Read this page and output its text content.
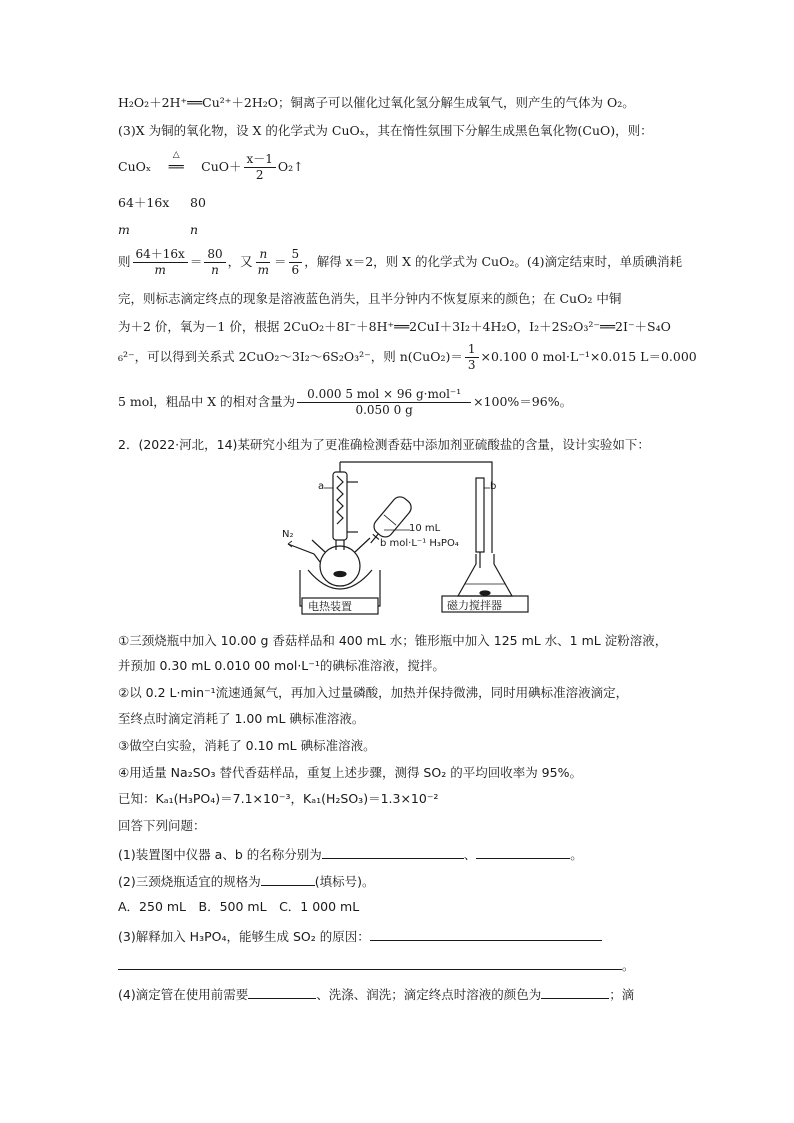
H₂O₂＋2H⁺══Cu²⁺＋2H₂O；铜离子可以催化过氧化氢分解生成氧气，则产生的气体为 O₂。
(3)X 为铜的氧化物，设 X 的化学式为 CuOₓ，其在惰性氛围下分解生成黑色氧化物(CuO)，则：
CuOₓ
△
══ $CuO+ \frac{x-1}{2}$ O₂↑
64＋16x 80
m	n
则 $\frac{64+16x}{m} = \frac{80}{n}$ ，又 $\frac{n}{m} = \frac{5}{6}$ ，解得 x＝2，则 X 的化学式为 CuO₂。(4)滴定结束时，单质碘消耗
完，则标志滴定终点的现象是溶液蓝色消失，且半分钟内不恢复原来的颜色；在 CuO₂ 中铜
为＋2 价，氧为－1 价，根据 2CuO₂＋8I⁻＋8H⁺══2CuI＋3I₂＋4H₂O，I₂＋2S₂O₃²⁻══2I⁻＋S₄O
₆²⁻，可以得到关系式 2CuO₂～3I₂～6S₂O₃²⁻，则 $n(CuO_2)= \frac{1}{3} \times 0.100$ 0 mol·L⁻¹×0.015 L＝0.000
5 mol，粗品中 X 的相对含量为 $\frac{\text{0.000 5 mol × 96 g·mol⁻¹}}{0.050 0 g} \times 100\%=96\%$。
2．(2022·河北，14)某研究小组为了更准确检测香菇中添加剂亚硫酸盐的含量，设计实验如下：
a	b
N₂
10 mL
b mol·L⁻¹ H₃PO₄
电热装置	磁力搅拌器
①三颈烧瓶中加入 10.00 g 香菇样品和 400 mL 水；锥形瓶中加入 125 mL 水、1 mL 淀粉溶液，
并预加 0.30 mL 0.010 00 mol·L⁻¹的碘标准溶液，搅拌。
②以 0.2 L·min⁻¹流速通氮气，再加入过量磷酸，加热并保持微沸，同时用碘标准溶液滴定，
至终点时滴定消耗了 1.00 mL 碘标准溶液。
③做空白实验，消耗了 0.10 mL 碘标准溶液。
④用适量 Na₂SO₃ 替代香菇样品，重复上述步骤，测得 SO₂ 的平均回收率为 95%。
已知：Kₐ₁(H₃PO₄)＝7.1×10⁻³，Kₐ₁(H₂SO₃)＝1.3×10⁻²
回答下列问题：
(1)装置图中仪器 a、b 的名称分别为	、	。
(2)三颈烧瓶适宜的规格为	(填标号)。
A．250 mL　B．500 mL　C．1 000 mL
(3)解释加入 H₃PO₄，能够生成 SO₂ 的原因：
。
(4)滴定管在使用前需要	、洗涤、润洗；滴定终点时溶液的颜色为	；滴
